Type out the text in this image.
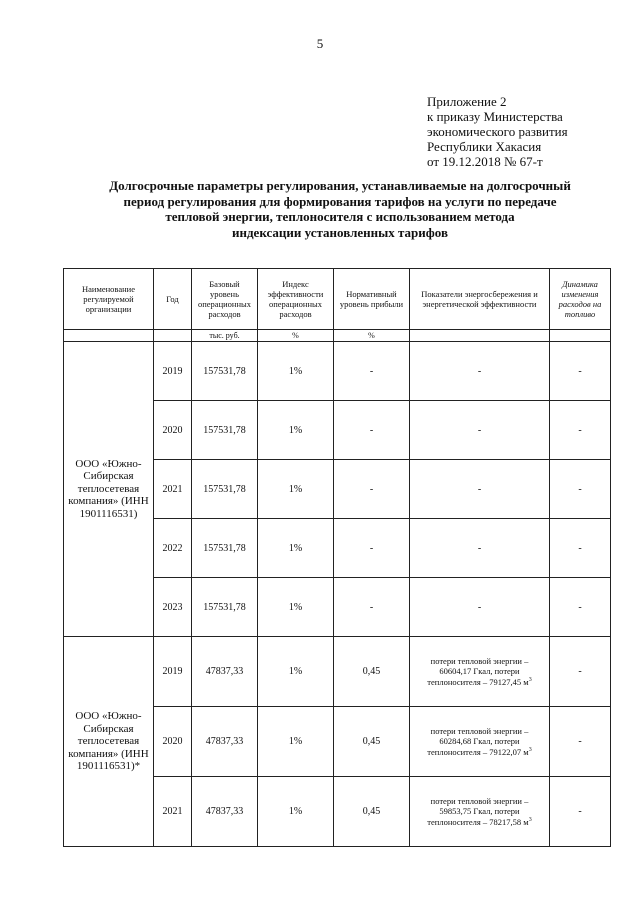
5
Приложение 2
к приказу Министерства
экономического развития
Республики Хакасия
от 19.12.2018 № 67-т
Долгосрочные параметры регулирования, устанавливаемые на долгосрочный
период регулирования для формирования тарифов на услуги по передаче
тепловой энергии, теплоносителя с использованием метода
индексации установленных тарифов
Наименование регулируемой организации	Год	Базовый уровень операционных расходов	Индекс эффективности операционных расходов	Нормативный уровень прибыли	Показатели энергосбережения и энергетической эффективности	Динамика изменения расходов на топливо
		тыс. руб.	%	%		
ООО «Южно-Сибирская теплосетевая компания» (ИНН 1901116531)	2019	157531,78	1%	-	-	-
	2020	157531,78	1%	-	-	-
	2021	157531,78	1%	-	-	-
	2022	157531,78	1%	-	-	-
	2023	157531,78	1%	-	-	-
ООО «Южно-Сибирская теплосетевая компания» (ИНН 1901116531)*	2019	47837,33	1%	0,45	потери тепловой энергии –
60604,17 Гкал, потери
теплоносителя – 79127,45 $м^3$	-
	2020	47837,33	1%	0,45	потери тепловой энергии –
60284,68 Гкал, потери
теплоносителя – 79122,07 $м^3$	-
	2021	47837,33	1%	0,45	потери тепловой энергии –
59853,75 Гкал, потери
теплоносителя – 78217,58 $м^3$	-
